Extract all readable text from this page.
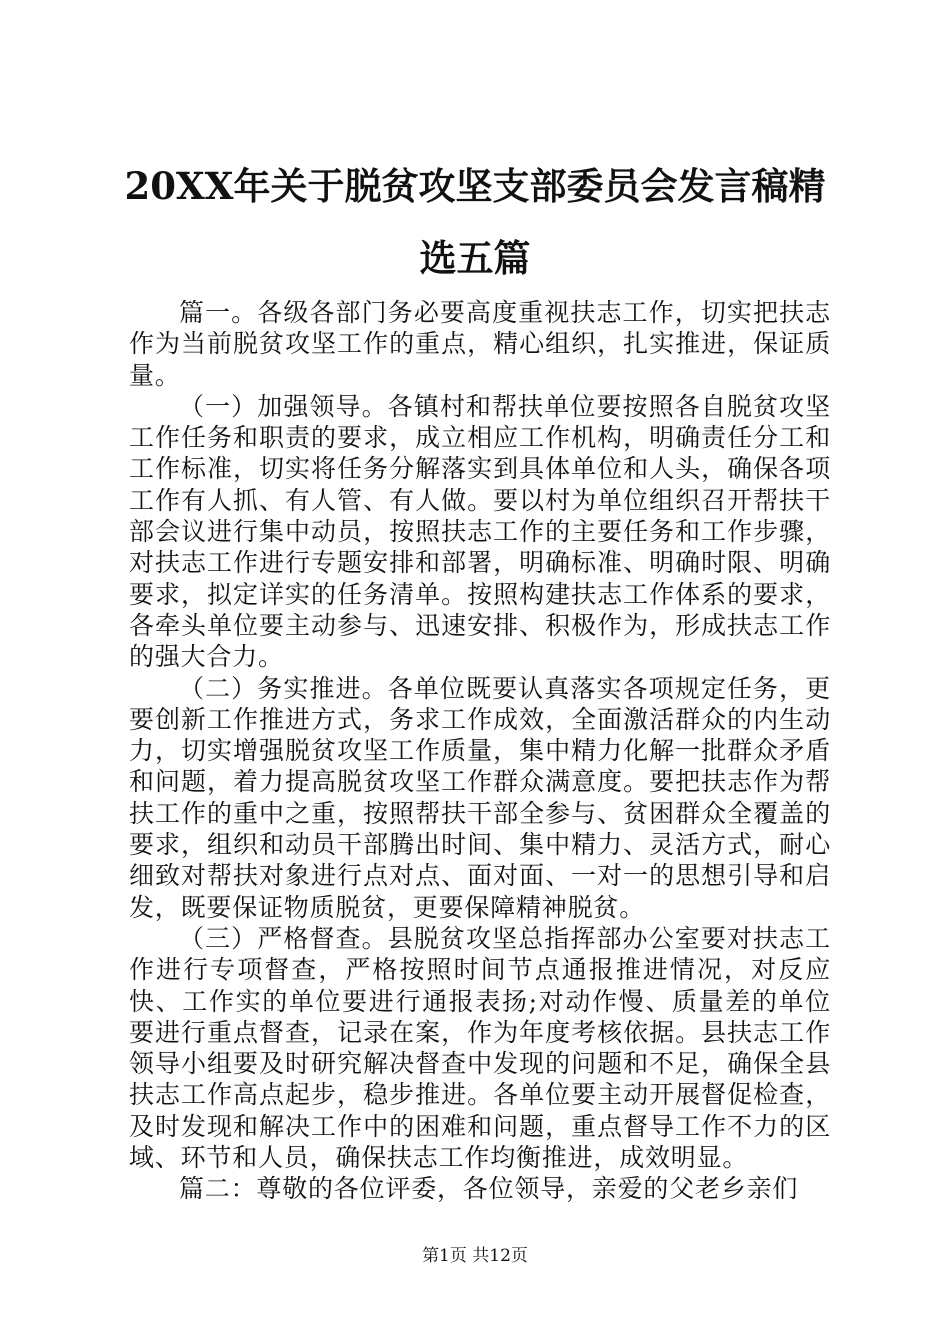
20XX年关于脱贫攻坚支部委员会发言稿精选五篇

篇一。各级各部门务必要高度重视扶志工作，切实把扶志作为当前脱贫攻坚工作的重点，精心组织，扎实推进，保证质量。

（一）加强领导。各镇村和帮扶单位要按照各自脱贫攻坚工作任务和职责的要求，成立相应工作机构，明确责任分工和工作标准，切实将任务分解落实到具体单位和人头，确保各项工作有人抓、有人管、有人做。要以村为单位组织召开帮扶干部会议进行集中动员，按照扶志工作的主要任务和工作步骤，对扶志工作进行专题安排和部署，明确标准、明确时限、明确要求，拟定详实的任务清单。按照构建扶志工作体系的要求，各牵头单位要主动参与、迅速安排、积极作为，形成扶志工作的强大合力。

（二）务实推进。各单位既要认真落实各项规定任务，更要创新工作推进方式，务求工作成效，全面激活群众的内生动力，切实增强脱贫攻坚工作质量，集中精力化解一批群众矛盾和问题，着力提高脱贫攻坚工作群众满意度。要把扶志作为帮扶工作的重中之重，按照帮扶干部全参与、贫困群众全覆盖的要求，组织和动员干部腾出时间、集中精力、灵活方式，耐心细致对帮扶对象进行点对点、面对面、一对一的思想引导和启发，既要保证物质脱贫，更要保障精神脱贫。

（三）严格督查。县脱贫攻坚总指挥部办公室要对扶志工作进行专项督查，严格按照时间节点通报推进情况，对反应快、工作实的单位要进行通报表扬;对动作慢、质量差的单位要进行重点督查，记录在案，作为年度考核依据。县扶志工作领导小组要及时研究解决督查中发现的问题和不足，确保全县扶志工作高点起步，稳步推进。各单位要主动开展督促检查，及时发现和解决工作中的困难和问题，重点督导工作不力的区域、环节和人员，确保扶志工作均衡推进，成效明显。

篇二：尊敬的各位评委，各位领导，亲爱的父老乡亲们

第1页 共12页
